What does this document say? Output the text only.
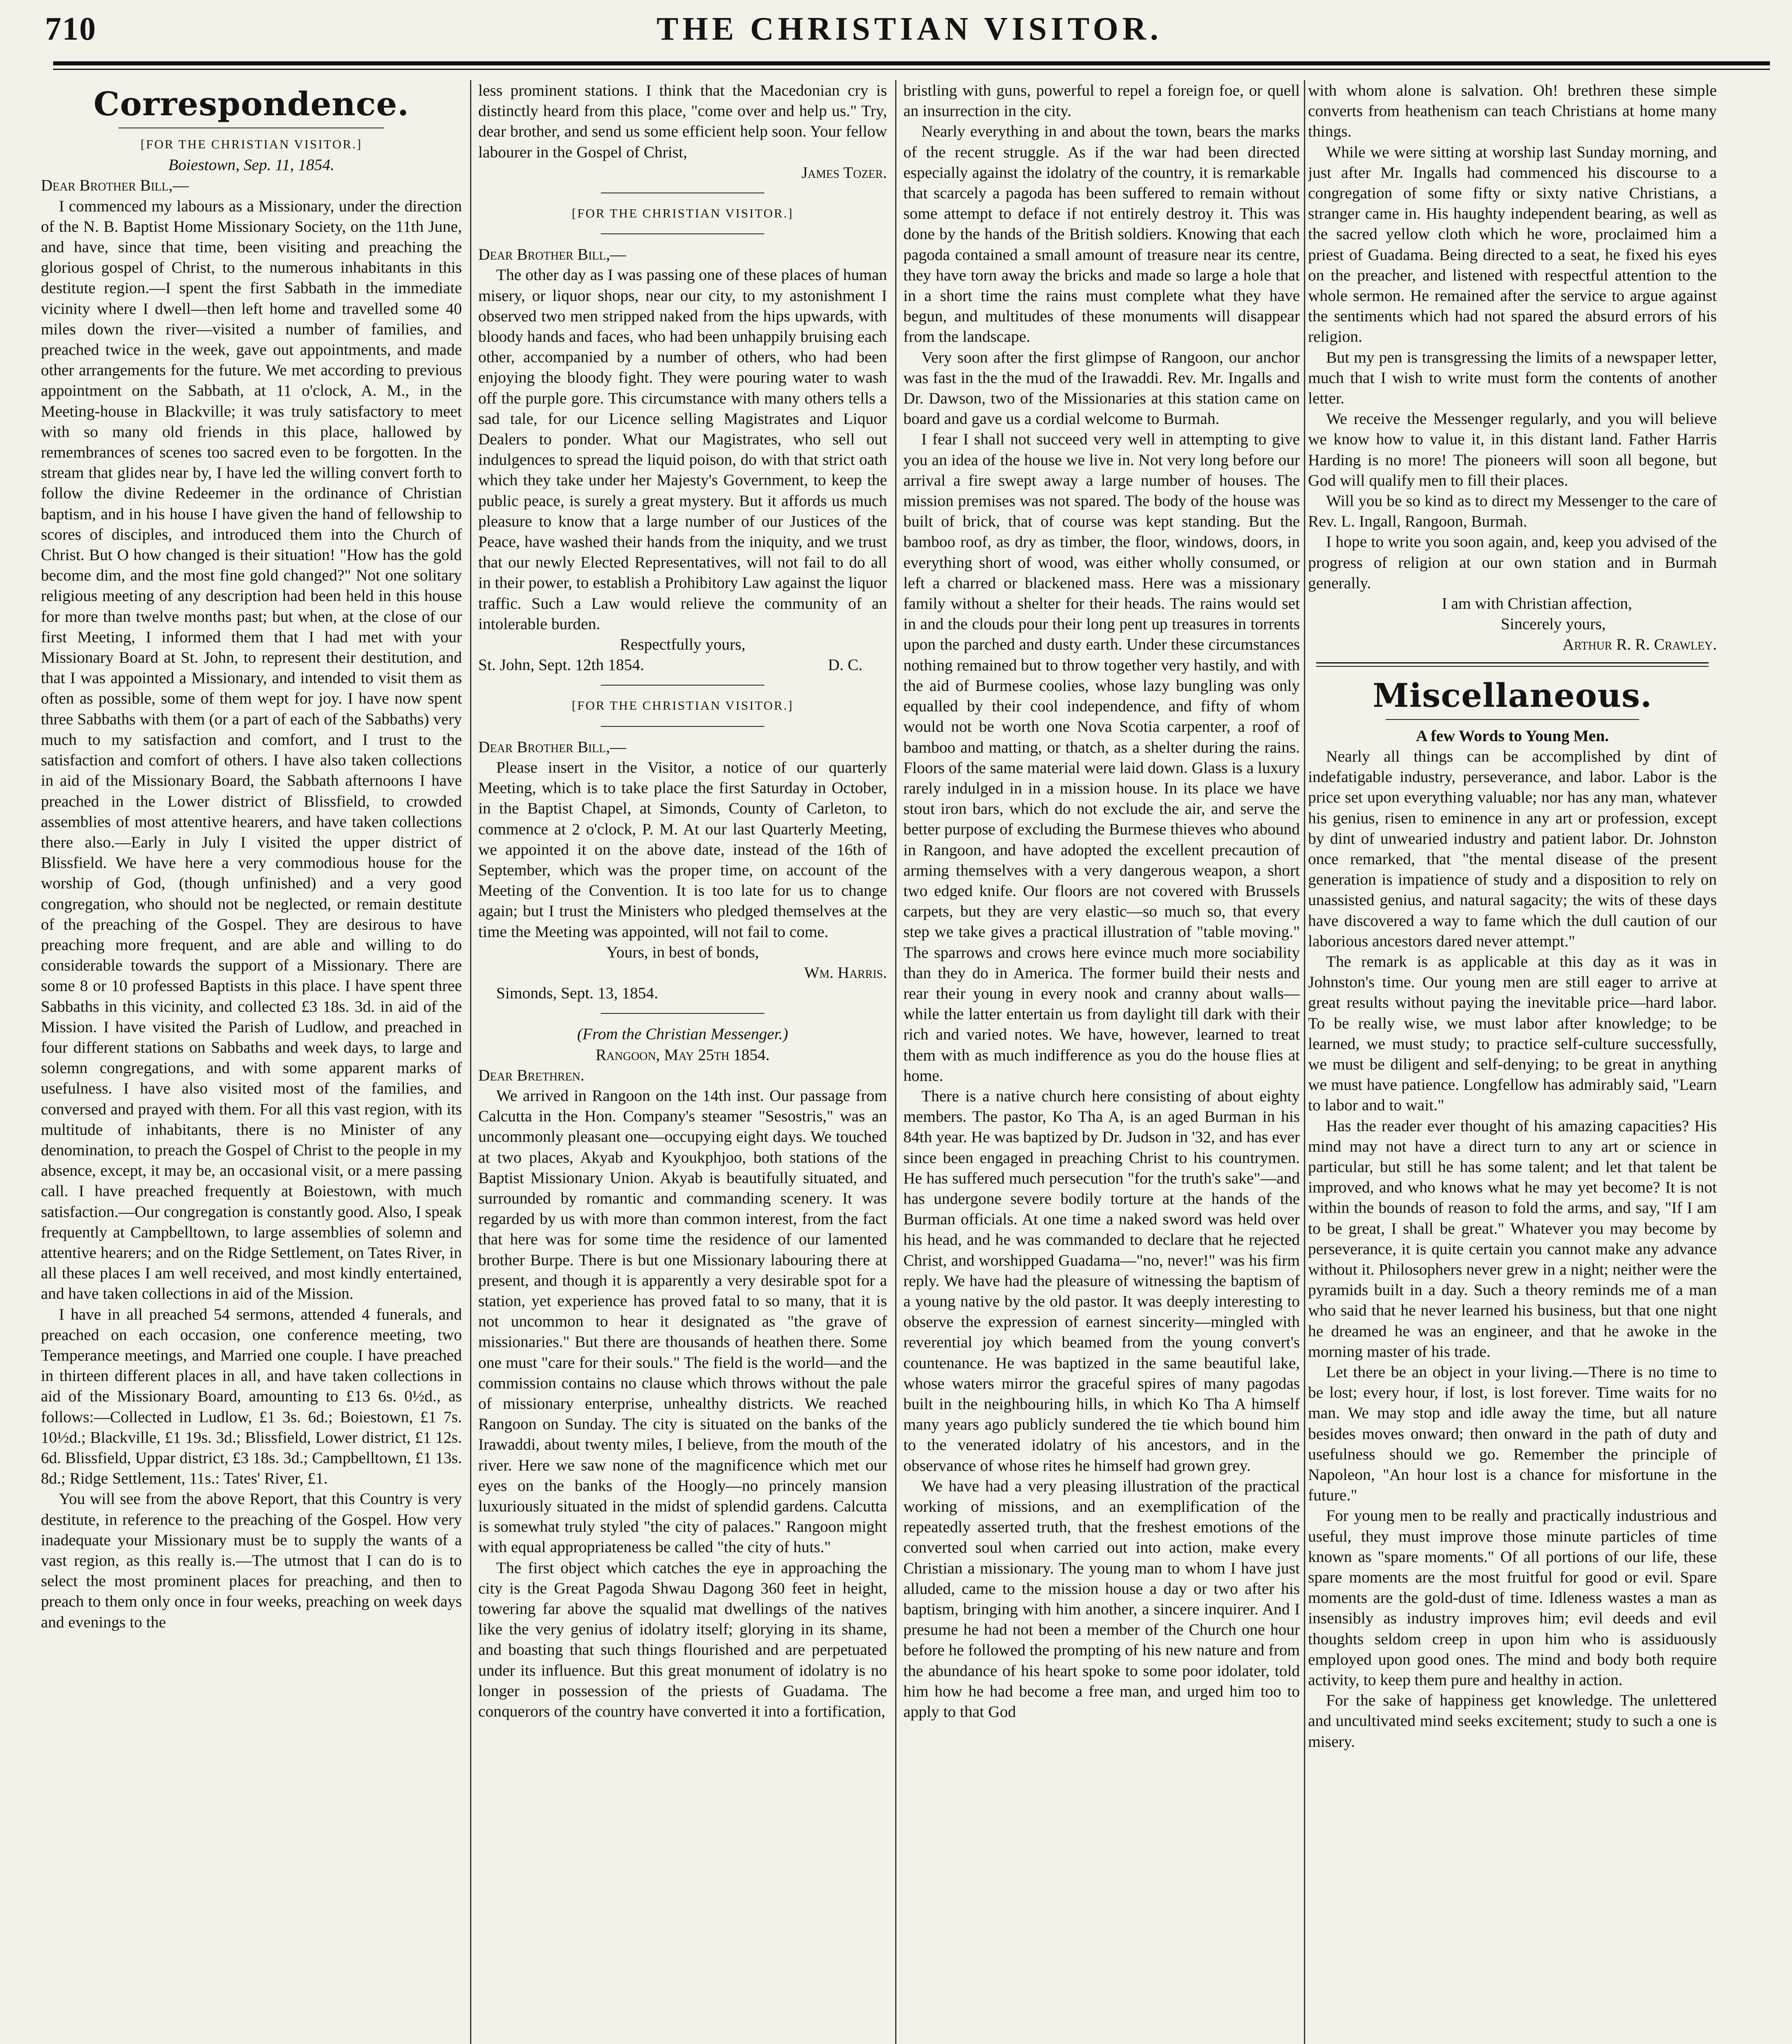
710	THE CHRISTIAN VISITOR.
Correspondence.

[FOR THE CHRISTIAN VISITOR.]

Boiestown, Sep. 11, 1854.

Dear Brother Bill,—

I commenced my labours as a Missionary, under the direction of the N. B. Baptist Home Missionary Society, on the 11th June, and have, since that time, been visiting and preaching the glorious gospel of Christ, to the numerous inhabitants in this destitute region.—I spent the first Sabbath in the immediate vicinity where I dwell—then left home and travelled some 40 miles down the river—visited a number of families, and preached twice in the week, gave out appointments, and made other arrangements for the future. We met according to previous appointment on the Sabbath, at 11 o'clock, A. M., in the Meeting-house in Blackville; it was truly satisfactory to meet with so many old friends in this place, hallowed by remembrances of scenes too sacred even to be forgotten. In the stream that glides near by, I have led the willing convert forth to follow the divine Redeemer in the ordinance of Christian baptism, and in his house I have given the hand of fellowship to scores of disciples, and introduced them into the Church of Christ. But O how changed is their situation! "How has the gold become dim, and the most fine gold changed?" Not one solitary religious meeting of any description had been held in this house for more than twelve months past; but when, at the close of our first Meeting, I informed them that I had met with your Missionary Board at St. John, to represent their destitution, and that I was appointed a Missionary, and intended to visit them as often as possible, some of them wept for joy. I have now spent three Sabbaths with them (or a part of each of the Sabbaths) very much to my satisfaction and comfort, and I trust to the satisfaction and comfort of others. I have also taken collections in aid of the Missionary Board, the Sabbath afternoons I have preached in the Lower district of Blissfield, to crowded assemblies of most attentive hearers, and have taken collections there also.—Early in July I visited the upper district of Blissfield. We have here a very commodious house for the worship of God, (though unfinished) and a very good congregation, who should not be neglected, or remain destitute of the preaching of the Gospel. They are desirous to have preaching more frequent, and are able and willing to do considerable towards the support of a Missionary. There are some 8 or 10 professed Baptists in this place. I have spent three Sabbaths in this vicinity, and collected £3 18s. 3d. in aid of the Mission. I have visited the Parish of Ludlow, and preached in four different stations on Sabbaths and week days, to large and solemn congregations, and with some apparent marks of usefulness. I have also visited most of the families, and conversed and prayed with them. For all this vast region, with its multitude of inhabitants, there is no Minister of any denomination, to preach the Gospel of Christ to the people in my absence, except, it may be, an occasional visit, or a mere passing call. I have preached frequently at Boiestown, with much satisfaction.—Our congregation is constantly good. Also, I speak frequently at Campbelltown, to large assemblies of solemn and attentive hearers; and on the Ridge Settlement, on Tates River, in all these places I am well received, and most kindly entertained, and have taken collections in aid of the Mission.

I have in all preached 54 sermons, attended 4 funerals, and preached on each occasion, one conference meeting, two Temperance meetings, and Married one couple. I have preached in thirteen different places in all, and have taken collections in aid of the Missionary Board, amounting to £13 6s. 0½d., as follows:—Collected in Ludlow, £1 3s. 6d.; Boiestown, £1 7s. 10½d.; Blackville, £1 19s. 3d.; Blissfield, Lower district, £1 12s. 6d. Blissfield, Uppar district, £3 18s. 3d.; Campbelltown, £1 13s. 8d.; Ridge Settlement, 11s.: Tates' River, £1.

You will see from the above Report, that this Country is very destitute, in reference to the preaching of the Gospel. How very inadequate your Missionary must be to supply the wants of a vast region, as this really is.—The utmost that I can do is to select the most prominent places for preaching, and then to preach to them only once in four weeks, preaching on week days and evenings to the

less prominent stations. I think that the Macedonian cry is distinctly heard from this place, "come over and help us." Try, dear brother, and send us some efficient help soon. Your fellow labourer in the Gospel of Christ,

James Tozer.

[FOR THE CHRISTIAN VISITOR.]

Dear Brother Bill,—

The other day as I was passing one of these places of human misery, or liquor shops, near our city, to my astonishment I observed two men stripped naked from the hips upwards, with bloody hands and faces, who had been unhappily bruising each other, accompanied by a number of others, who had been enjoying the bloody fight. They were pouring water to wash off the purple gore. This circumstance with many others tells a sad tale, for our Licence selling Magistrates and Liquor Dealers to ponder. What our Magistrates, who sell out indulgences to spread the liquid poison, do with that strict oath which they take under her Majesty's Government, to keep the public peace, is surely a great mystery. But it affords us much pleasure to know that a large number of our Justices of the Peace, have washed their hands from the iniquity, and we trust that our newly Elected Representatives, will not fail to do all in their power, to establish a Prohibitory Law against the liquor traffic. Such a Law would relieve the community of an intolerable burden.

Respectfully yours,

St. John, Sept. 12th 1854.	D. C.

[FOR THE CHRISTIAN VISITOR.]

Dear Brother Bill,—

Please insert in the Visitor, a notice of our quarterly Meeting, which is to take place the first Saturday in October, in the Baptist Chapel, at Simonds, County of Carleton, to commence at 2 o'clock, P. M. At our last Quarterly Meeting, we appointed it on the above date, instead of the 16th of September, which was the proper time, on account of the Meeting of the Convention. It is too late for us to change again; but I trust the Ministers who pledged themselves at the time the Meeting was appointed, will not fail to come.

Yours, in best of bonds,

Wm. Harris.

Simonds, Sept. 13, 1854.

(From the Christian Messenger.)

Rangoon, May 25th 1854.

Dear Brethren.

We arrived in Rangoon on the 14th inst. Our passage from Calcutta in the Hon. Company's steamer "Sesostris," was an uncommonly pleasant one—occupying eight days. We touched at two places, Akyab and Kyoukphjoo, both stations of the Baptist Missionary Union. Akyab is beautifully situated, and surrounded by romantic and commanding scenery. It was regarded by us with more than common interest, from the fact that here was for some time the residence of our lamented brother Burpe. There is but one Missionary labouring there at present, and though it is apparently a very desirable spot for a station, yet experience has proved fatal to so many, that it is not uncommon to hear it designated as "the grave of missionaries." But there are thousands of heathen there. Some one must "care for their souls." The field is the world—and the commission contains no clause which throws without the pale of missionary enterprise, unhealthy districts. We reached Rangoon on Sunday. The city is situated on the banks of the Irawaddi, about twenty miles, I believe, from the mouth of the river. Here we saw none of the magnificence which met our eyes on the banks of the Hoogly—no princely mansion luxuriously situated in the midst of splendid gardens. Calcutta is somewhat truly styled "the city of palaces." Rangoon might with equal appropriateness be called "the city of huts."

The first object which catches the eye in approaching the city is the Great Pagoda Shwau Dagong 360 feet in height, towering far above the squalid mat dwellings of the natives like the very genius of idolatry itself; glorying in its shame, and boasting that such things flourished and are perpetuated under its influence. But this great monument of idolatry is no longer in possession of the priests of Guadama. The conquerors of the country have converted it into a fortification,

bristling with guns, powerful to repel a foreign foe, or quell an insurrection in the city.

Nearly everything in and about the town, bears the marks of the recent struggle. As if the war had been directed especially against the idolatry of the country, it is remarkable that scarcely a pagoda has been suffered to remain without some attempt to deface if not entirely destroy it. This was done by the hands of the British soldiers. Knowing that each pagoda contained a small amount of treasure near its centre, they have torn away the bricks and made so large a hole that in a short time the rains must complete what they have begun, and multitudes of these monuments will disappear from the landscape.

Very soon after the first glimpse of Rangoon, our anchor was fast in the the mud of the Irawaddi. Rev. Mr. Ingalls and Dr. Dawson, two of the Missionaries at this station came on board and gave us a cordial welcome to Burmah.

I fear I shall not succeed very well in attempting to give you an idea of the house we live in. Not very long before our arrival a fire swept away a large number of houses. The mission premises was not spared. The body of the house was built of brick, that of course was kept standing. But the bamboo roof, as dry as timber, the floor, windows, doors, in everything short of wood, was either wholly consumed, or left a charred or blackened mass. Here was a missionary family without a shelter for their heads. The rains would set in and the clouds pour their long pent up treasures in torrents upon the parched and dusty earth. Under these circumstances nothing remained but to throw together very hastily, and with the aid of Burmese coolies, whose lazy bungling was only equalled by their cool independence, and fifty of whom would not be worth one Nova Scotia carpenter, a roof of bamboo and matting, or thatch, as a shelter during the rains. Floors of the same material were laid down. Glass is a luxury rarely indulged in in a mission house. In its place we have stout iron bars, which do not exclude the air, and serve the better purpose of excluding the Burmese thieves who abound in Rangoon, and have adopted the excellent precaution of arming themselves with a very dangerous weapon, a short two edged knife. Our floors are not covered with Brussels carpets, but they are very elastic—so much so, that every step we take gives a practical illustration of "table moving." The sparrows and crows here evince much more sociability than they do in America. The former build their nests and rear their young in every nook and cranny about walls—while the latter entertain us from daylight till dark with their rich and varied notes. We have, however, learned to treat them with as much indifference as you do the house flies at home.

There is a native church here consisting of about eighty members. The pastor, Ko Tha A, is an aged Burman in his 84th year. He was baptized by Dr. Judson in '32, and has ever since been engaged in preaching Christ to his countrymen. He has suffered much persecution "for the truth's sake"—and has undergone severe bodily torture at the hands of the Burman officials. At one time a naked sword was held over his head, and he was commanded to declare that he rejected Christ, and worshipped Guadama—"no, never!" was his firm reply. We have had the pleasure of witnessing the baptism of a young native by the old pastor. It was deeply interesting to observe the expression of earnest sincerity—mingled with reverential joy which beamed from the young convert's countenance. He was baptized in the same beautiful lake, whose waters mirror the graceful spires of many pagodas built in the neighbouring hills, in which Ko Tha A himself many years ago publicly sundered the tie which bound him to the venerated idolatry of his ancestors, and in the observance of whose rites he himself had grown grey.

We have had a very pleasing illustration of the practical working of missions, and an exemplification of the repeatedly asserted truth, that the freshest emotions of the converted soul when carried out into action, make every Christian a missionary. The young man to whom I have just alluded, came to the mission house a day or two after his baptism, bringing with him another, a sincere inquirer. And I presume he had not been a member of the Church one hour before he followed the prompting of his new nature and from the abundance of his heart spoke to some poor idolater, told him how he had become a free man, and urged him too to apply to that God

with whom alone is salvation. Oh! brethren these simple converts from heathenism can teach Christians at home many things.

While we were sitting at worship last Sunday morning, and just after Mr. Ingalls had commenced his discourse to a congregation of some fifty or sixty native Christians, a stranger came in. His haughty independent bearing, as well as the sacred yellow cloth which he wore, proclaimed him a priest of Guadama. Being directed to a seat, he fixed his eyes on the preacher, and listened with respectful attention to the whole sermon. He remained after the service to argue against the sentiments which had not spared the absurd errors of his religion.

But my pen is transgressing the limits of a newspaper letter, much that I wish to write must form the contents of another letter.

We receive the Messenger regularly, and you will believe we know how to value it, in this distant land. Father Harris Harding is no more! The pioneers will soon all begone, but God will qualify men to fill their places.

Will you be so kind as to direct my Messenger to the care of Rev. L. Ingall, Rangoon, Burmah.

I hope to write you soon again, and, keep you advised of the progress of religion at our own station and in Burmah generally.

I am with Christian affection,

Sincerely yours,

Arthur R. R. Crawley.

Miscellaneous.

A few Words to Young Men.

Nearly all things can be accomplished by dint of indefatigable industry, perseverance, and labor. Labor is the price set upon everything valuable; nor has any man, whatever his genius, risen to eminence in any art or profession, except by dint of unwearied industry and patient labor. Dr. Johnston once remarked, that "the mental disease of the present generation is impatience of study and a disposition to rely on unassisted genius, and natural sagacity; the wits of these days have discovered a way to fame which the dull caution of our laborious ancestors dared never attempt."

The remark is as applicable at this day as it was in Johnston's time. Our young men are still eager to arrive at great results without paying the inevitable price—hard labor. To be really wise, we must labor after knowledge; to be learned, we must study; to practice self-culture successfully, we must be diligent and self-denying; to be great in anything we must have patience. Longfellow has admirably said, "Learn to labor and to wait."

Has the reader ever thought of his amazing capacities? His mind may not have a direct turn to any art or science in particular, but still he has some talent; and let that talent be improved, and who knows what he may yet become? It is not within the bounds of reason to fold the arms, and say, "If I am to be great, I shall be great." Whatever you may become by perseverance, it is quite certain you cannot make any advance without it. Philosophers never grew in a night; neither were the pyramids built in a day. Such a theory reminds me of a man who said that he never learned his business, but that one night he dreamed he was an engineer, and that he awoke in the morning master of his trade.

Let there be an object in your living.—There is no time to be lost; every hour, if lost, is lost forever. Time waits for no man. We may stop and idle away the time, but all nature besides moves onward; then onward in the path of duty and usefulness should we go. Remember the principle of Napoleon, "An hour lost is a chance for misfortune in the future."

For young men to be really and practically industrious and useful, they must improve those minute particles of time known as "spare moments." Of all portions of our life, these spare moments are the most fruitful for good or evil. Spare moments are the gold-dust of time. Idleness wastes a man as insensibly as industry improves him; evil deeds and evil thoughts seldom creep in upon him who is assiduously employed upon good ones. The mind and body both require activity, to keep them pure and healthy in action.

For the sake of happiness get knowledge. The unlettered and uncultivated mind seeks excitement; study to such a one is misery.
